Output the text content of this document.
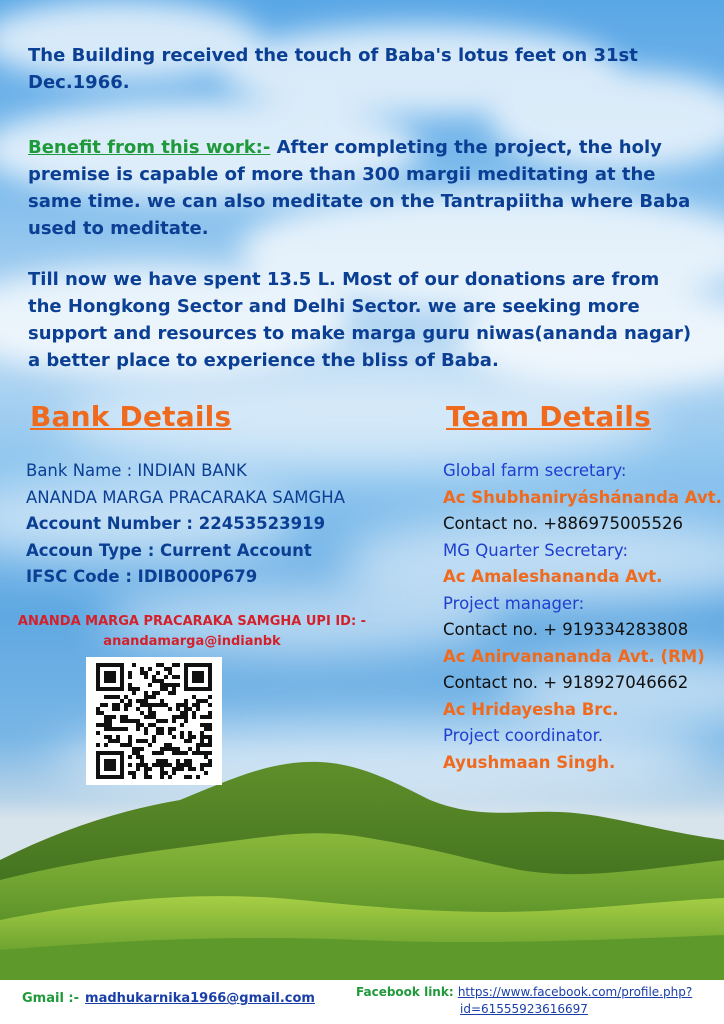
The Building received the touch of Baba's lotus feet on 31st Dec.1966.
Benefit from this work:- After completing the project, the holy premise is capable of more than 300 margii meditating at the same time. we can also meditate on the Tantrapiitha where Baba used to meditate.
Till now we have spent 13.5 L. Most of our donations are from the Hongkong Sector and Delhi Sector. we are seeking more support and resources to make marga guru niwas(ananda nagar) a better place to experience the bliss of Baba.
Bank Details	Team Details
Bank Name : INDIAN BANK
ANANDA MARGA PRACARAKA SAMGHA
Account Number : 22453523919
Accoun Type : Current Account
IFSC Code : IDIB000P679
ANANDA MARGA PRACARAKA SAMGHA UPI ID: -
anandamarga@indianbk
Global farm secretary:
Ac Shubhaniryáshánanda Avt.
Contact no. +886975005526
MG Quarter Secretary:
Ac Amaleshananda Avt.
Project manager:
Contact no. + 919334283808
Ac Anirvanananda Avt. (RM)
Contact no. + 918927046662
Ac Hridayesha Brc.
Project coordinator.
Ayushmaan Singh.
Gmail :- madhukarnika1966@gmail.com	Facebook link: https://www.facebook.com/profile.php?
id=61555923616697
